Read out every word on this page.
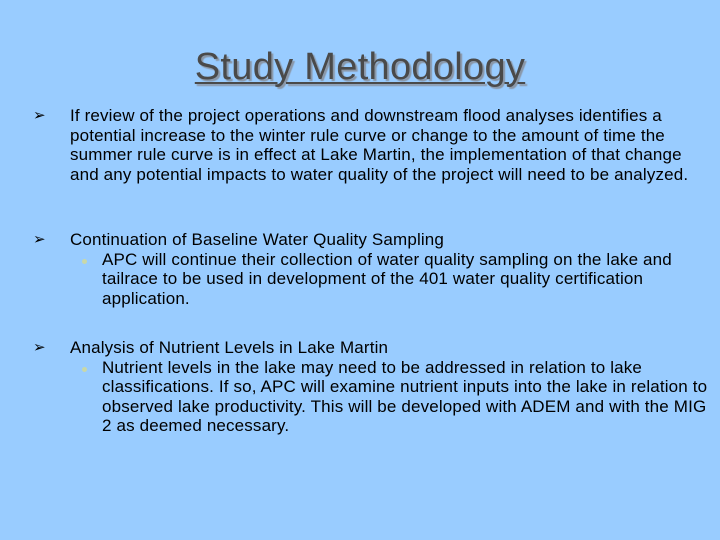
Study Methodology
➢ If review of the project operations and downstream flood analyses identifies a potential increase to the winter rule curve or change to the amount of time the summer rule curve is in effect at Lake Martin, the implementation of that change and any potential impacts to water quality of the project will need to be analyzed.
➢ Continuation of Baseline Water Quality Sampling
APC will continue their collection of water quality sampling on the lake and tailrace to be used in development of the 401 water quality certification application.
➢ Analysis of Nutrient Levels in Lake Martin
Nutrient levels in the lake may need to be addressed in relation to lake classifications. If so, APC will examine nutrient inputs into the lake in relation to observed lake productivity. This will be developed with ADEM and with the MIG 2 as deemed necessary.
